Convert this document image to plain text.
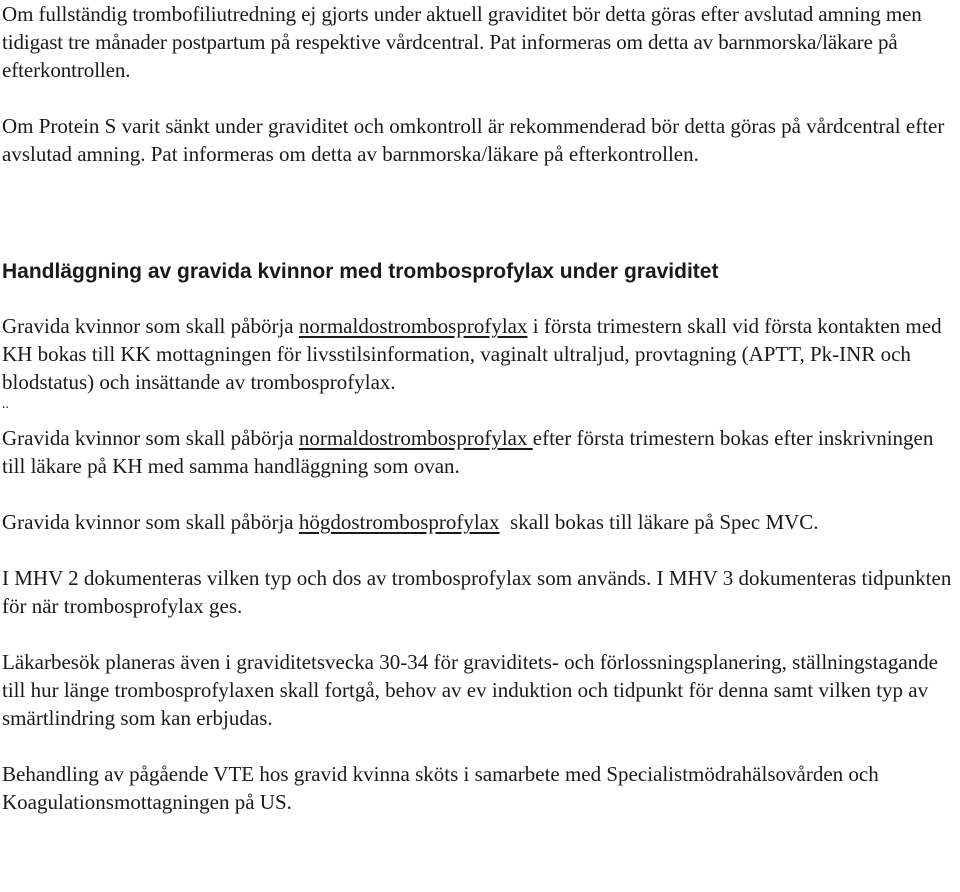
Om fullständig trombofiliutredning ej gjorts under aktuell graviditet bör detta göras efter avslutad amning men tidigast tre månader postpartum på respektive vårdcentral. Pat informeras om detta av barnmorska/läkare på efterkontrollen.

Om Protein S varit sänkt under graviditet och omkontroll är rekommenderad bör detta göras på vårdcentral efter avslutad amning. Pat informeras om detta av barnmorska/läkare på efterkontrollen.

Handläggning av gravida kvinnor med trombosprofylax under graviditet

Gravida kvinnor som skall påbörja normaldostrombosprofylax i första trimestern skall vid första kontakten med KH bokas till KK mottagningen för livsstilsinformation, vaginalt ultraljud, provtagning (APTT, Pk-INR och blodstatus) och insättande av trombosprofylax.

..

Gravida kvinnor som skall påbörja normaldostrombosprofylax efter första trimestern bokas efter inskrivningen till läkare på KH med samma handläggning som ovan.

Gravida kvinnor som skall påbörja högdostrombosprofylax  skall bokas till läkare på Spec MVC.

I MHV 2 dokumenteras vilken typ och dos av trombosprofylax som används. I MHV 3 dokumenteras tidpunkten för när trombosprofylax ges.

Läkarbesök planeras även i graviditetsvecka 30-34 för graviditets- och förlossningsplanering, ställningstagande till hur länge trombosprofylaxen skall fortgå, behov av ev induktion och tidpunkt för denna samt vilken typ av smärtlindring som kan erbjudas.

Behandling av pågående VTE hos gravid kvinna sköts i samarbete med Specialistmödrahälsovården och Koagulationsmottagningen på US.
